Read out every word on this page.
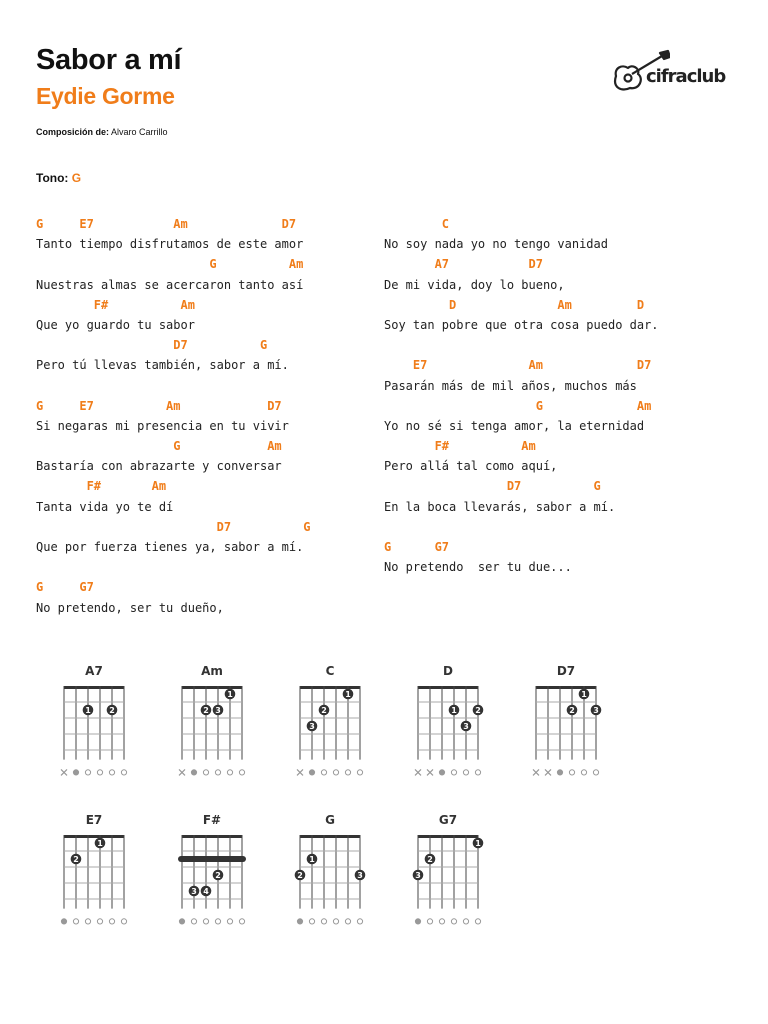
Sabor a mí
Eydie Gorme
cifraclub
Composición de: Alvaro Carrillo
Tono: G
G     E7           Am             D7
Tanto tiempo disfrutamos de este amor
G          Am
Nuestras almas se acercaron tanto así
F#          Am
Que yo guardo tu sabor
D7          G
Pero tú llevas también, sabor a mí.
G     E7          Am            D7
Si negaras mi presencia en tu vivir
G            Am
Bastaría con abrazarte y conversar
F#       Am
Tanta vida yo te dí
D7          G
Que por fuerza tienes ya, sabor a mí.
G     G7
No pretendo, ser tu dueño,
C
No soy nada yo no tengo vanidad
A7           D7
De mi vida, doy lo bueno,
D              Am         D
Soy tan pobre que otra cosa puedo dar.
E7              Am             D7
Pasarán más de mil años, muchos más
G             Am
Yo no sé si tenga amor, la eternidad
F#          Am
Pero allá tal como aquí,
D7          G
En la boca llevarás, sabor a mí.
G      G7
No pretendo  ser tu due...
A7
1 2
Am
1
2 3
C
1
2
3
D
1 2
3
D7
1
2 3
E7
1
2
F#
2
3 4
G
1
2	3
G7
1
2
3
